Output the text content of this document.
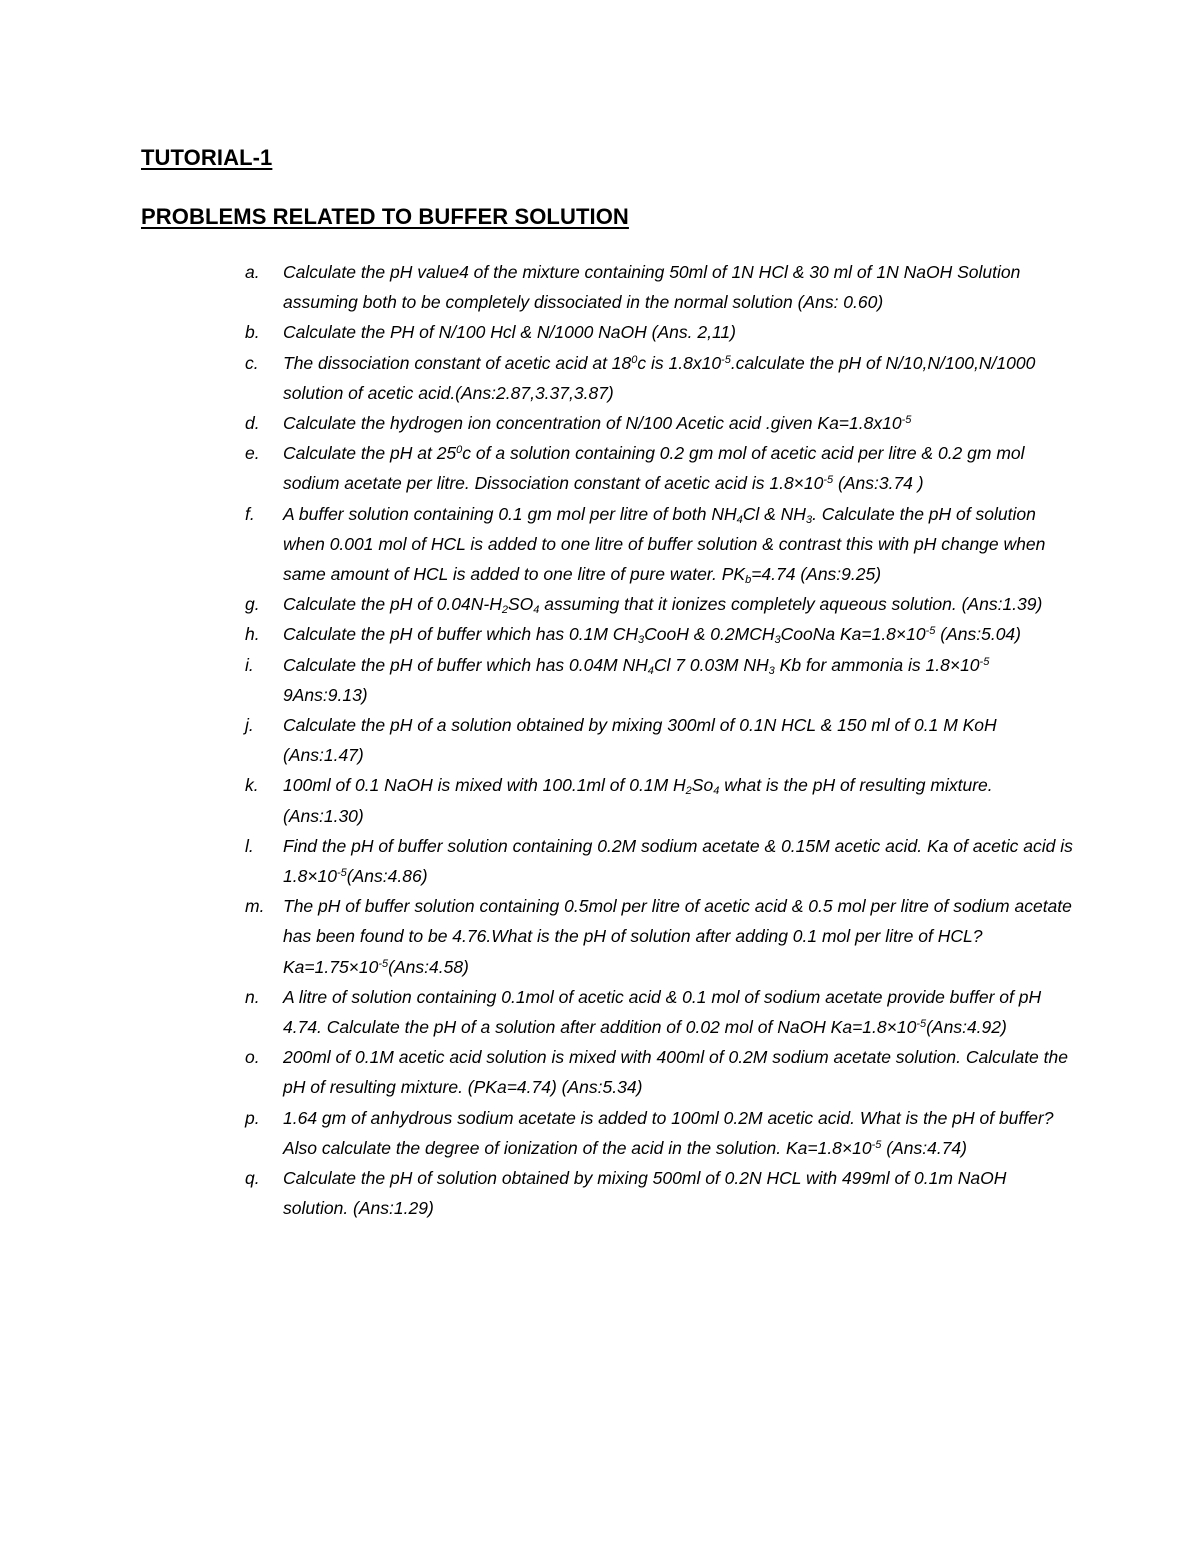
TUTORIAL-1
PROBLEMS RELATED TO BUFFER SOLUTION
a. Calculate the pH value4 of the mixture containing 50ml of 1N HCl & 30 ml of 1N NaOH Solution assuming both to be completely dissociated in the normal solution (Ans: 0.60)
b. Calculate the PH of N/100 Hcl & N/1000 NaOH (Ans. 2,11)
c. The dissociation constant of acetic acid at $18^0c$ is $1.8x10^{-5}.calculate$ the pH of N/10,N/100,N/1000 solution of acetic acid.(Ans:2.87,3.37,3.87)
d. Calculate the hydrogen ion concentration of N/100 Acetic acid .given $Ka=1.8x10^{-5}$
e. Calculate the pH at $25^0c$ of a solution containing 0.2 gm mol of acetic acid per litre & 0.2 gm mol sodium acetate per litre. Dissociation constant of acetic acid is $1.8\times 10^{-5}$ (Ans:3.74 )
f. A buffer solution containing 0.1 gm mol per litre of both $NH_4Cl$ & $NH_3$. Calculate the pH of solution when 0.001 mol of HCL is added to one litre of buffer solution & contrast this with pH change when same amount of HCL is added to one litre of pure water. $PK_b=4.74$ (Ans:9.25)
g. Calculate the pH of $0.04N-H_2SO_4$ assuming that it ionizes completely aqueous solution. (Ans:1.39)
h. Calculate the pH of buffer which has 0.1M $CH_3CooH$ & $0.2MCH_3CooNa$ $Ka=1.8\times 10^{-5}$ (Ans:5.04)
i. Calculate the pH of buffer which has 0.04M $NH_4Cl$ 7 0.03M $NH_3$ Kb for ammonia is $1.8\times 10^{-5}$ 9Ans:9.13)
j. Calculate the pH of a solution obtained by mixing 300ml of 0.1N HCL & 150 ml of 0.1 M KoH (Ans:1.47)
k. 100ml of 0.1 NaOH is mixed with 100.1ml of 0.1M $H_2So_4$ what is the pH of resulting mixture.(Ans:1.30)
l. Find the pH of buffer solution containing 0.2M sodium acetate & 0.15M acetic acid. Ka of acetic acid is $1.8\times 10^{-5}(Ans:4.86)$
m. The pH of buffer solution containing 0.5mol per litre of acetic acid & 0.5 mol per litre of sodium acetate has been found to be 4.76.What is the pH of solution after adding 0.1 mol per litre of $HCL?Ka=1.75\times 10^{-5}(Ans:4.58)$
n. A litre of solution containing 0.1mol of acetic acid & 0.1 mol of sodium acetate provide buffer of pH 4.74. Calculate the pH of a solution after addition of 0.02 mol of NaOH $Ka=1.8\times 10^{-5}(Ans:4.92)$
o. 200ml of 0.1M acetic acid solution is mixed with 400ml of 0.2M sodium acetate solution. Calculate the pH of resulting mixture. (PKa=4.74) (Ans:5.34)
p. 1.64 gm of anhydrous sodium acetate is added to 100ml 0.2M acetic acid. What is the pH of buffer? Also calculate the degree of ionization of the acid in the solution. $Ka=1.8\times 10^{-5}$ (Ans:4.74)
q. Calculate the pH of solution obtained by mixing 500ml of 0.2N HCL with 499ml of 0.1m NaOH solution. (Ans:1.29)
